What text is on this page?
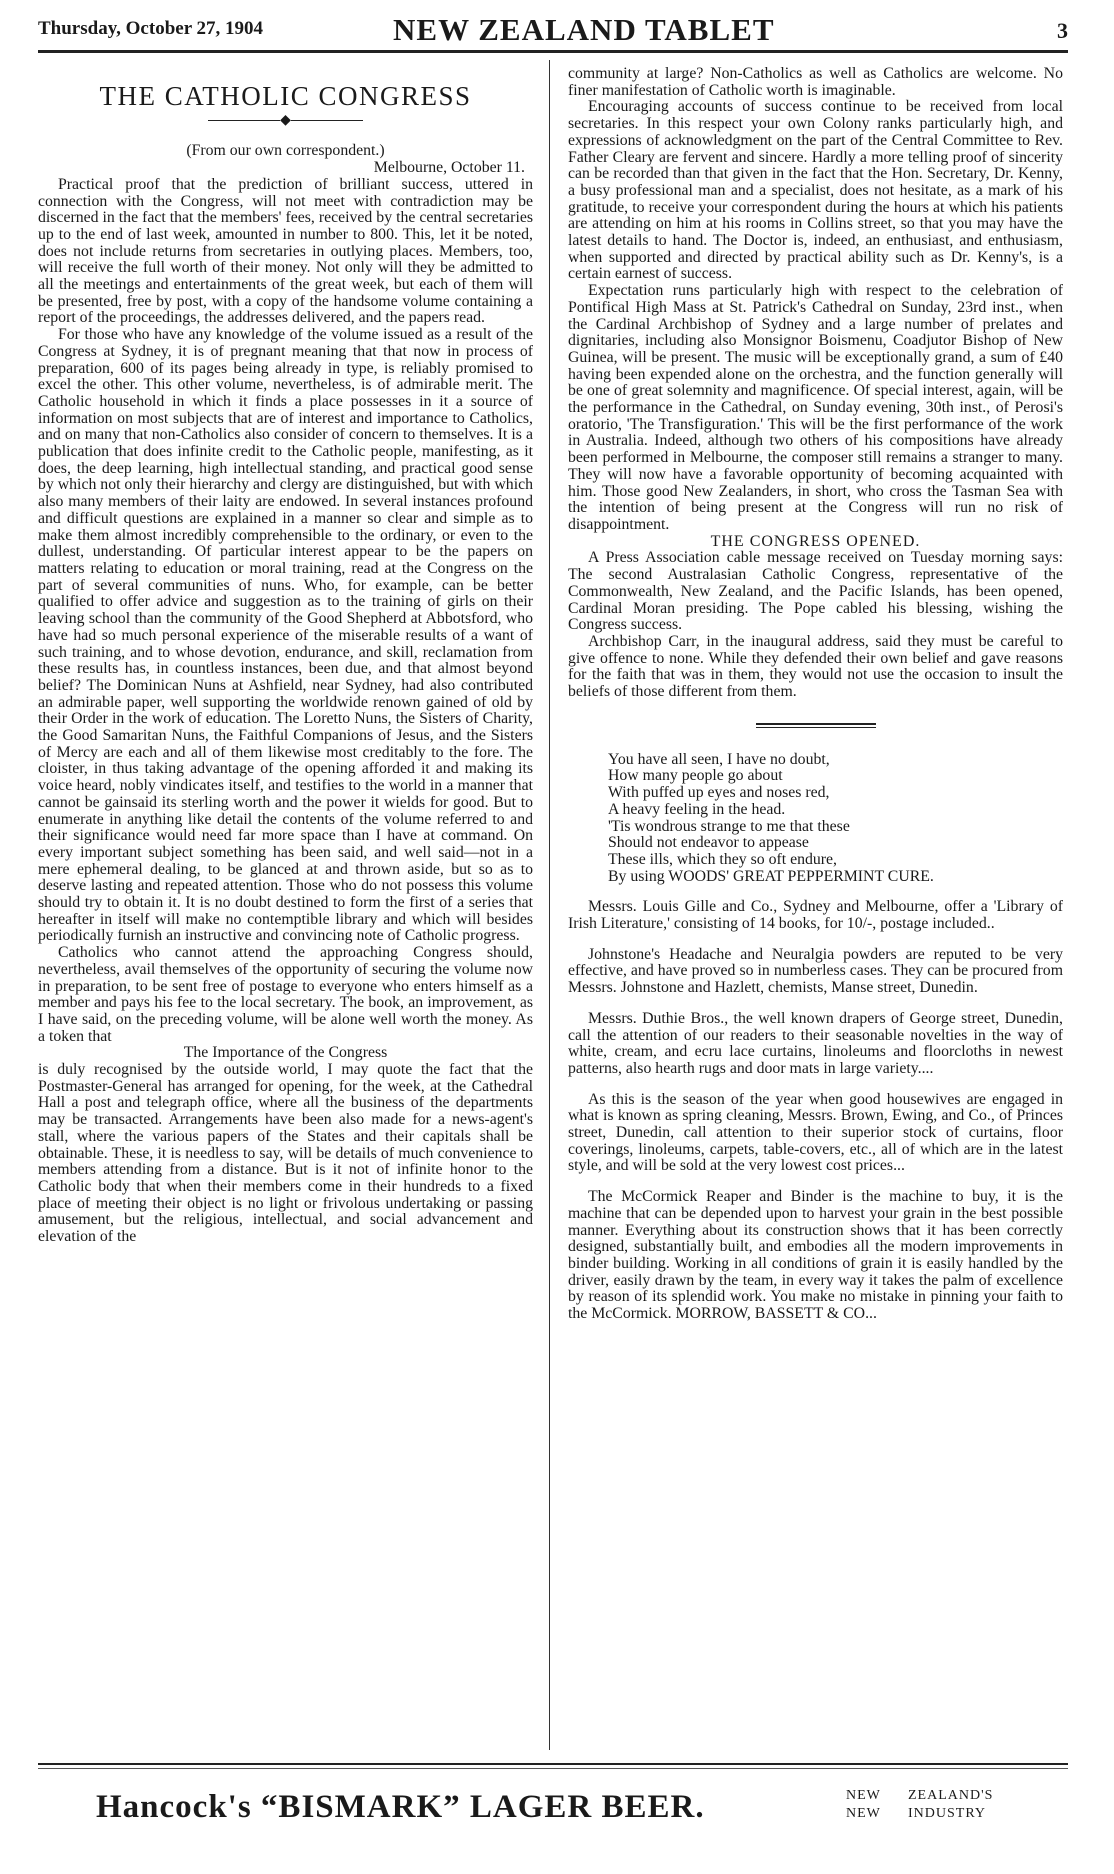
Thursday, October 27, 1904	NEW ZEALAND TABLET	3
THE CATHOLIC CONGRESS
◆

(From our own correspondent.)

Melbourne, October 11.

Practical proof that the prediction of brilliant success, uttered in connection with the Congress, will not meet with contradiction may be discerned in the fact that the members' fees, received by the central secretaries up to the end of last week, amounted in number to 800. This, let it be noted, does not include returns from secretaries in outlying places. Members, too, will receive the full worth of their money. Not only will they be admitted to all the meetings and entertainments of the great week, but each of them will be presented, free by post, with a copy of the handsome volume containing a report of the proceedings, the addresses delivered, and the papers read.

For those who have any knowledge of the volume issued as a result of the Congress at Sydney, it is of pregnant meaning that that now in process of preparation, 600 of its pages being already in type, is reliably promised to excel the other. This other volume, nevertheless, is of admirable merit. The Catholic household in which it finds a place possesses in it a source of information on most subjects that are of interest and importance to Catholics, and on many that non-Catholics also consider of concern to themselves. It is a publication that does infinite credit to the Catholic people, manifesting, as it does, the deep learning, high intellectual standing, and practical good sense by which not only their hierarchy and clergy are distinguished, but with which also many members of their laity are endowed. In several instances profound and difficult questions are explained in a manner so clear and simple as to make them almost incredibly comprehensible to the ordinary, or even to the dullest, understanding. Of particular interest appear to be the papers on matters relating to education or moral training, read at the Congress on the part of several communities of nuns. Who, for example, can be better qualified to offer advice and suggestion as to the training of girls on their leaving school than the community of the Good Shepherd at Abbotsford, who have had so much personal experience of the miserable results of a want of such training, and to whose devotion, endurance, and skill, reclamation from these results has, in countless instances, been due, and that almost beyond belief? The Dominican Nuns at Ashfield, near Sydney, had also contributed an admirable paper, well supporting the worldwide renown gained of old by their Order in the work of education. The Loretto Nuns, the Sisters of Charity, the Good Samaritan Nuns, the Faithful Companions of Jesus, and the Sisters of Mercy are each and all of them likewise most creditably to the fore. The cloister, in thus taking advantage of the opening afforded it and making its voice heard, nobly vindicates itself, and testifies to the world in a manner that cannot be gainsaid its sterling worth and the power it wields for good. But to enumerate in anything like detail the contents of the volume referred to and their significance would need far more space than I have at command. On every important subject something has been said, and well said—not in a mere ephemeral dealing, to be glanced at and thrown aside, but so as to deserve lasting and repeated attention. Those who do not possess this volume should try to obtain it. It is no doubt destined to form the first of a series that hereafter in itself will make no contemptible library and which will besides periodically furnish an instructive and convincing note of Catholic progress.

Catholics who cannot attend the approaching Congress should, nevertheless, avail themselves of the opportunity of securing the volume now in preparation, to be sent free of postage to everyone who enters himself as a member and pays his fee to the local secretary. The book, an improvement, as I have said, on the preceding volume, will be alone well worth the money. As a token that

The Importance of the Congress

is duly recognised by the outside world, I may quote the fact that the Postmaster-General has arranged for opening, for the week, at the Cathedral Hall a post and telegraph office, where all the business of the departments may be transacted. Arrangements have been also made for a news-agent's stall, where the various papers of the States and their capitals shall be obtainable. These, it is needless to say, will be details of much convenience to members attending from a distance. But is it not of infinite honor to the Catholic body that when their members come in their hundreds to a fixed place of meeting their object is no light or frivolous undertaking or passing amusement, but the religious, intellectual, and social advancement and elevation of the

community at large? Non-Catholics as well as Catholics are welcome. No finer manifestation of Catholic worth is imaginable.

Encouraging accounts of success continue to be received from local secretaries. In this respect your own Colony ranks particularly high, and expressions of acknowledgment on the part of the Central Committee to Rev. Father Cleary are fervent and sincere. Hardly a more telling proof of sincerity can be recorded than that given in the fact that the Hon. Secretary, Dr. Kenny, a busy professional man and a specialist, does not hesitate, as a mark of his gratitude, to receive your correspondent during the hours at which his patients are attending on him at his rooms in Collins street, so that you may have the latest details to hand. The Doctor is, indeed, an enthusiast, and enthusiasm, when supported and directed by practical ability such as Dr. Kenny's, is a certain earnest of success.

Expectation runs particularly high with respect to the celebration of Pontifical High Mass at St. Patrick's Cathedral on Sunday, 23rd inst., when the Cardinal Archbishop of Sydney and a large number of prelates and dignitaries, including also Monsignor Boismenu, Coadjutor Bishop of New Guinea, will be present. The music will be exceptionally grand, a sum of £40 having been expended alone on the orchestra, and the function generally will be one of great solemnity and magnificence. Of special interest, again, will be the performance in the Cathedral, on Sunday evening, 30th inst., of Perosi's oratorio, 'The Transfiguration.' This will be the first performance of the work in Australia. Indeed, although two others of his compositions have already been performed in Melbourne, the composer still remains a stranger to many. They will now have a favorable opportunity of becoming acquainted with him. Those good New Zealanders, in short, who cross the Tasman Sea with the intention of being present at the Congress will run no risk of disappointment.

THE CONGRESS OPENED.

A Press Association cable message received on Tuesday morning says: The second Australasian Catholic Congress, representative of the Commonwealth, New Zealand, and the Pacific Islands, has been opened, Cardinal Moran presiding. The Pope cabled his blessing, wishing the Congress success.

Archbishop Carr, in the inaugural address, said they must be careful to give offence to none. While they defended their own belief and gave reasons for the faith that was in them, they would not use the occasion to insult the beliefs of those different from them.

You have all seen, I have no doubt,
How many people go about
With puffed up eyes and noses red,
A heavy feeling in the head.
'Tis wondrous strange to me that these
Should not endeavor to appease
These ills, which they so oft endure,
By using WOODS' GREAT PEPPERMINT CURE.

Messrs. Louis Gille and Co., Sydney and Melbourne, offer a 'Library of Irish Literature,' consisting of 14 books, for 10/-, postage included..

Johnstone's Headache and Neuralgia powders are reputed to be very effective, and have proved so in numberless cases. They can be procured from Messrs. Johnstone and Hazlett, chemists, Manse street, Dunedin.

Messrs. Duthie Bros., the well known drapers of George street, Dunedin, call the attention of our readers to their seasonable novelties in the way of white, cream, and ecru lace curtains, linoleums and floorcloths in newest patterns, also hearth rugs and door mats in large variety....

As this is the season of the year when good housewives are engaged in what is known as spring cleaning, Messrs. Brown, Ewing, and Co., of Princes street, Dunedin, call attention to their superior stock of curtains, floor coverings, linoleums, carpets, table-covers, etc., all of which are in the latest style, and will be sold at the very lowest cost prices...

The McCormick Reaper and Binder is the machine to buy, it is the machine that can be depended upon to harvest your grain in the best possible manner. Everything about its construction shows that it has been correctly designed, substantially built, and embodies all the modern improvements in binder building. Working in all conditions of grain it is easily handled by the driver, easily drawn by the team, in every way it takes the palm of excellence by reason of its splendid work. You make no mistake in pinning your faith to the McCormick. MORROW, BASSETT & CO...

Hancock's “BISMARK” LAGER BEER.	NEW	ZEALAND'S
NEW	INDUSTRY
